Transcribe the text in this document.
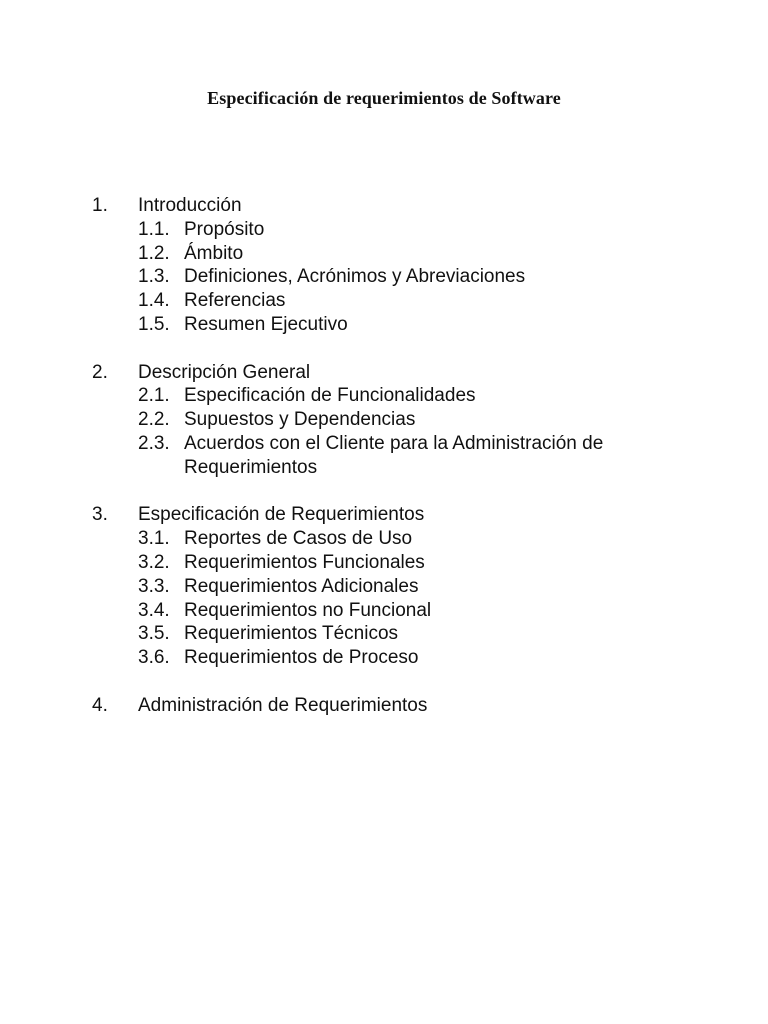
Especificación de requerimientos de Software
1.	Introducción
1.1. Propósito
1.2. Ámbito
1.3. Definiciones, Acrónimos y Abreviaciones
1.4. Referencias
1.5. Resumen Ejecutivo
2.	Descripción General
2.1. Especificación de Funcionalidades
2.2. Supuestos y Dependencias
2.3. Acuerdos con el Cliente para la Administración de Requerimientos
3.	Especificación de Requerimientos
3.1. Reportes de Casos de Uso
3.2. Requerimientos Funcionales
3.3. Requerimientos Adicionales
3.4. Requerimientos no Funcional
3.5. Requerimientos Técnicos
3.6. Requerimientos de Proceso
4.	Administración de Requerimientos
